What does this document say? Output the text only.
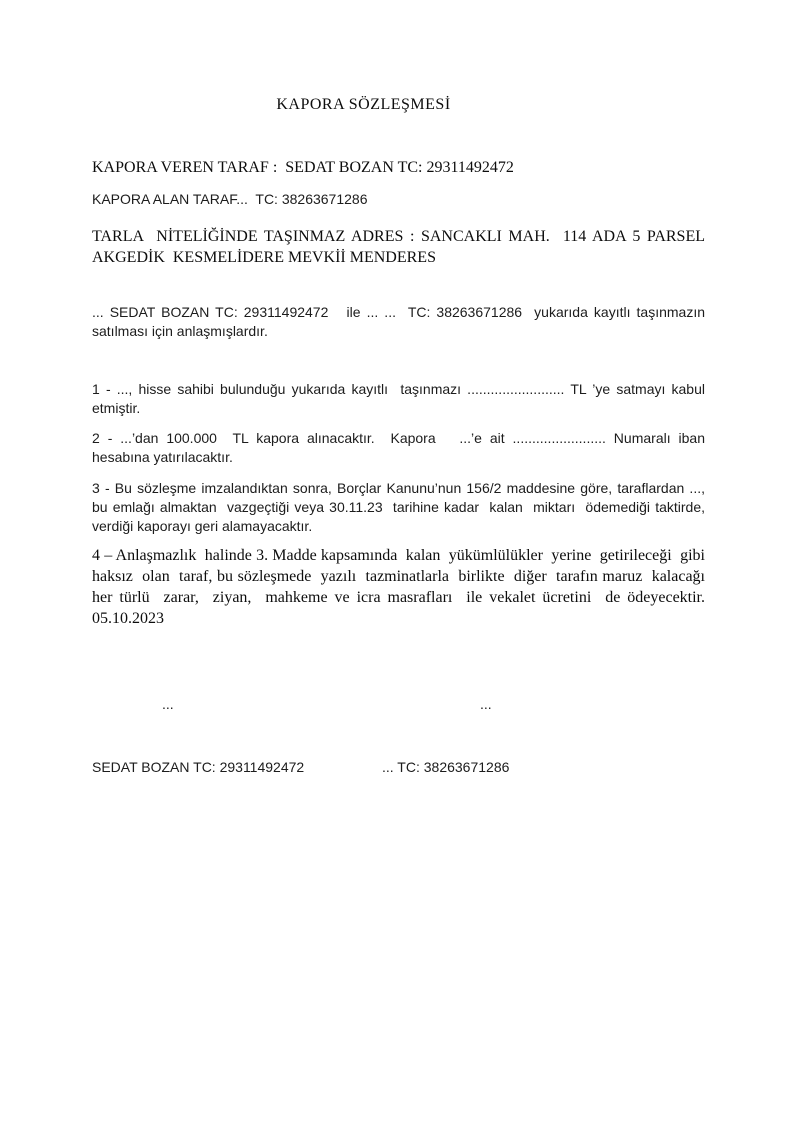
KAPORA SÖZLEŞMESİ
KAPORA VEREN TARAF :  SEDAT BOZAN TC: 29311492472
KAPORA ALAN TARAF...  TC: 38263671286
TARLA  NİTELİĞİNDE TAŞINMAZ ADRES : SANCAKLI MAH.  114 ADA 5 PARSEL AKGEDİK  KESMELİDERE MEVKİİ MENDERES
... SEDAT BOZAN TC: 29311492472   ile ... ...  TC: 38263671286  yukarıda kayıtlı taşınmazın satılması için anlaşmışlardır.
1 - ..., hisse sahibi bulunduğu yukarıda kayıtlı  taşınmazı ......................... TL ’ye satmayı kabul etmiştir.
2 - ...’dan 100.000  TL kapora alınacaktır.  Kapora   ...’e ait ........................ Numaralı iban  hesabına yatırılacaktır.
3 - Bu sözleşme imzalandıktan sonra, Borçlar Kanunu’nun 156/2 maddesine göre, taraflardan ..., bu emlağı almaktan  vazgeçtiği veya 30.11.23  tarihine kadar  kalan  miktarı  ödemediği taktirde,  verdiği kaporayı geri alamayacaktır.
4 – Anlaşmazlık  halinde 3. Madde kapsamında  kalan  yükümlülükler  yerine  getirileceği  gibi haksız  olan  taraf, bu sözleşmede  yazılı  tazminatlarla  birlikte  diğer  tarafın maruz  kalacağı  her türlü  zarar,  ziyan,  mahkeme ve icra masrafları  ile vekalet ücretini  de ödeyecektir. 05.10.2023
...	...
SEDAT BOZAN TC: 29311492472	... TC: 38263671286
